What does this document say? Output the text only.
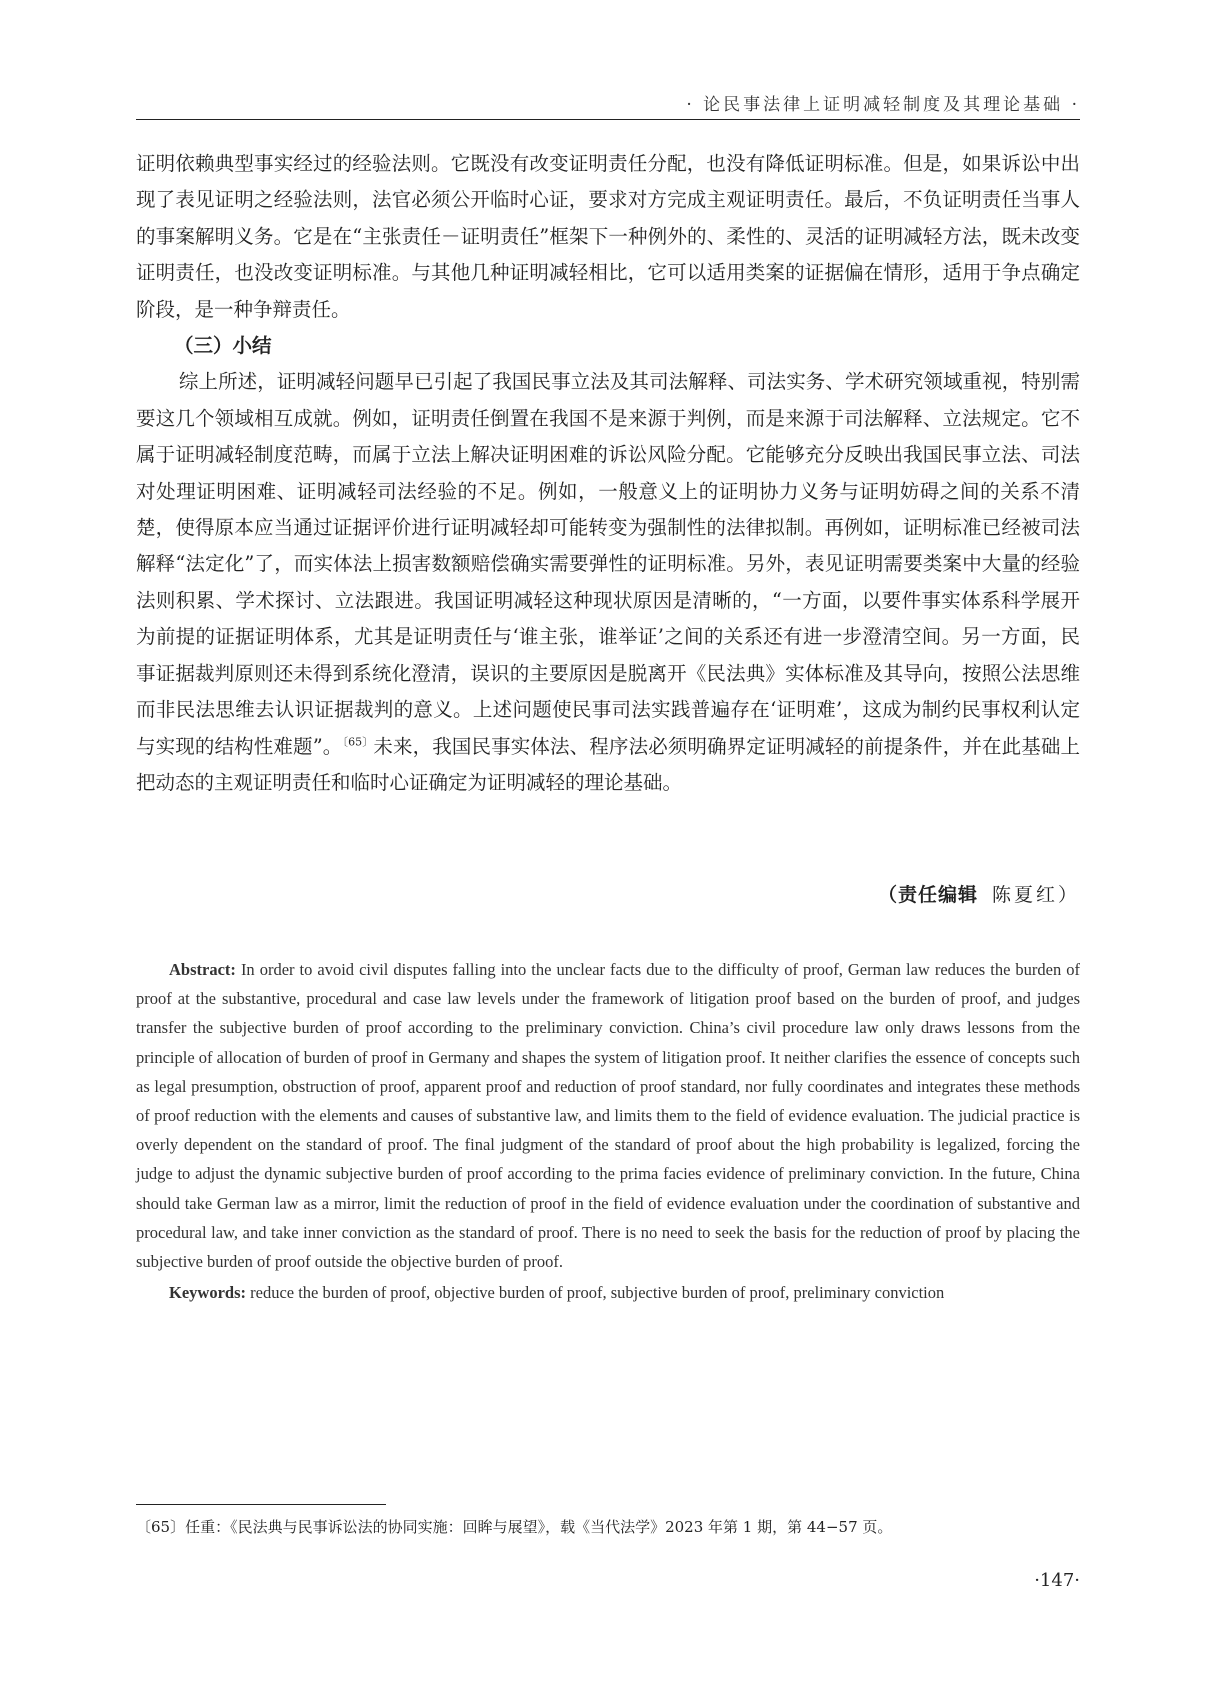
· 论民事法律上证明减轻制度及其理论基础 ·

证明依赖典型事实经过的经验法则。它既没有改变证明责任分配，也没有降低证明标准。但是，如果诉讼中出现了表见证明之经验法则，法官必须公开临时心证，要求对方完成主观证明责任。最后，不负证明责任当事人的事案解明义务。它是在“主张责任－证明责任”框架下一种例外的、柔性的、灵活的证明减轻方法，既未改变证明责任，也没改变证明标准。与其他几种证明减轻相比，它可以适用类案的证据偏在情形，适用于争点确定阶段，是一种争辩责任。

（三）小结

综上所述，证明减轻问题早已引起了我国民事立法及其司法解释、司法实务、学术研究领域重视，特别需要这几个领域相互成就。例如，证明责任倒置在我国不是来源于判例，而是来源于司法解释、立法规定。它不属于证明减轻制度范畴，而属于立法上解决证明困难的诉讼风险分配。它能够充分反映出我国民事立法、司法对处理证明困难、证明减轻司法经验的不足。例如，一般意义上的证明协力义务与证明妨碍之间的关系不清楚，使得原本应当通过证据评价进行证明减轻却可能转变为强制性的法律拟制。再例如，证明标准已经被司法解释“法定化”了，而实体法上损害数额赔偿确实需要弹性的证明标准。另外，表见证明需要类案中大量的经验法则积累、学术探讨、立法跟进。我国证明减轻这种现状原因是清晰的，“一方面，以要件事实体系科学展开为前提的证据证明体系，尤其是证明责任与‘谁主张，谁举证’之间的关系还有进一步澄清空间。另一方面，民事证据裁判原则还未得到系统化澄清，误识的主要原因是脱离开《民法典》实体标准及其导向，按照公法思维而非民法思维去认识证据裁判的意义。上述问题使民事司法实践普遍存在‘证明难’，这成为制约民事权利认定与实现的结构性难题”。$^{〔65〕}$未来，我国民事实体法、程序法必须明确界定证明减轻的前提条件，并在此基础上把动态的主观证明责任和临时心证确定为证明减轻的理论基础。

（责任编辑 陈夏红）

Abstract: In order to avoid civil disputes falling into the unclear facts due to the difficulty of proof, German law reduces the burden of proof at the substantive, procedural and case law levels under the framework of litigation proof based on the burden of proof, and judges transfer the subjective burden of proof according to the preliminary conviction. China’s civil procedure law only draws lessons from the principle of allocation of burden of proof in Germany and shapes the system of litigation proof. It neither clarifies the essence of concepts such as legal presumption, obstruction of proof, apparent proof and reduction of proof standard, nor fully coordinates and integrates these methods of proof reduction with the elements and causes of substantive law, and limits them to the field of evidence evaluation. The judicial practice is overly dependent on the standard of proof. The final judgment of the standard of proof about the high probability is legalized, forcing the judge to adjust the dynamic subjective burden of proof according to the prima facies evidence of preliminary conviction. In the future, China should take German law as a mirror, limit the reduction of proof in the field of evidence evaluation under the coordination of substantive and procedural law, and take inner conviction as the standard of proof. There is no need to seek the basis for the reduction of proof by placing the subjective burden of proof outside the objective burden of proof.

Keywords: reduce the burden of proof, objective burden of proof, subjective burden of proof, preliminary conviction

〔65〕任重：《民法典与民事诉讼法的协同实施：回眸与展望》，载《当代法学》2023 年第 1 期，第 44−57 页。
·147·
